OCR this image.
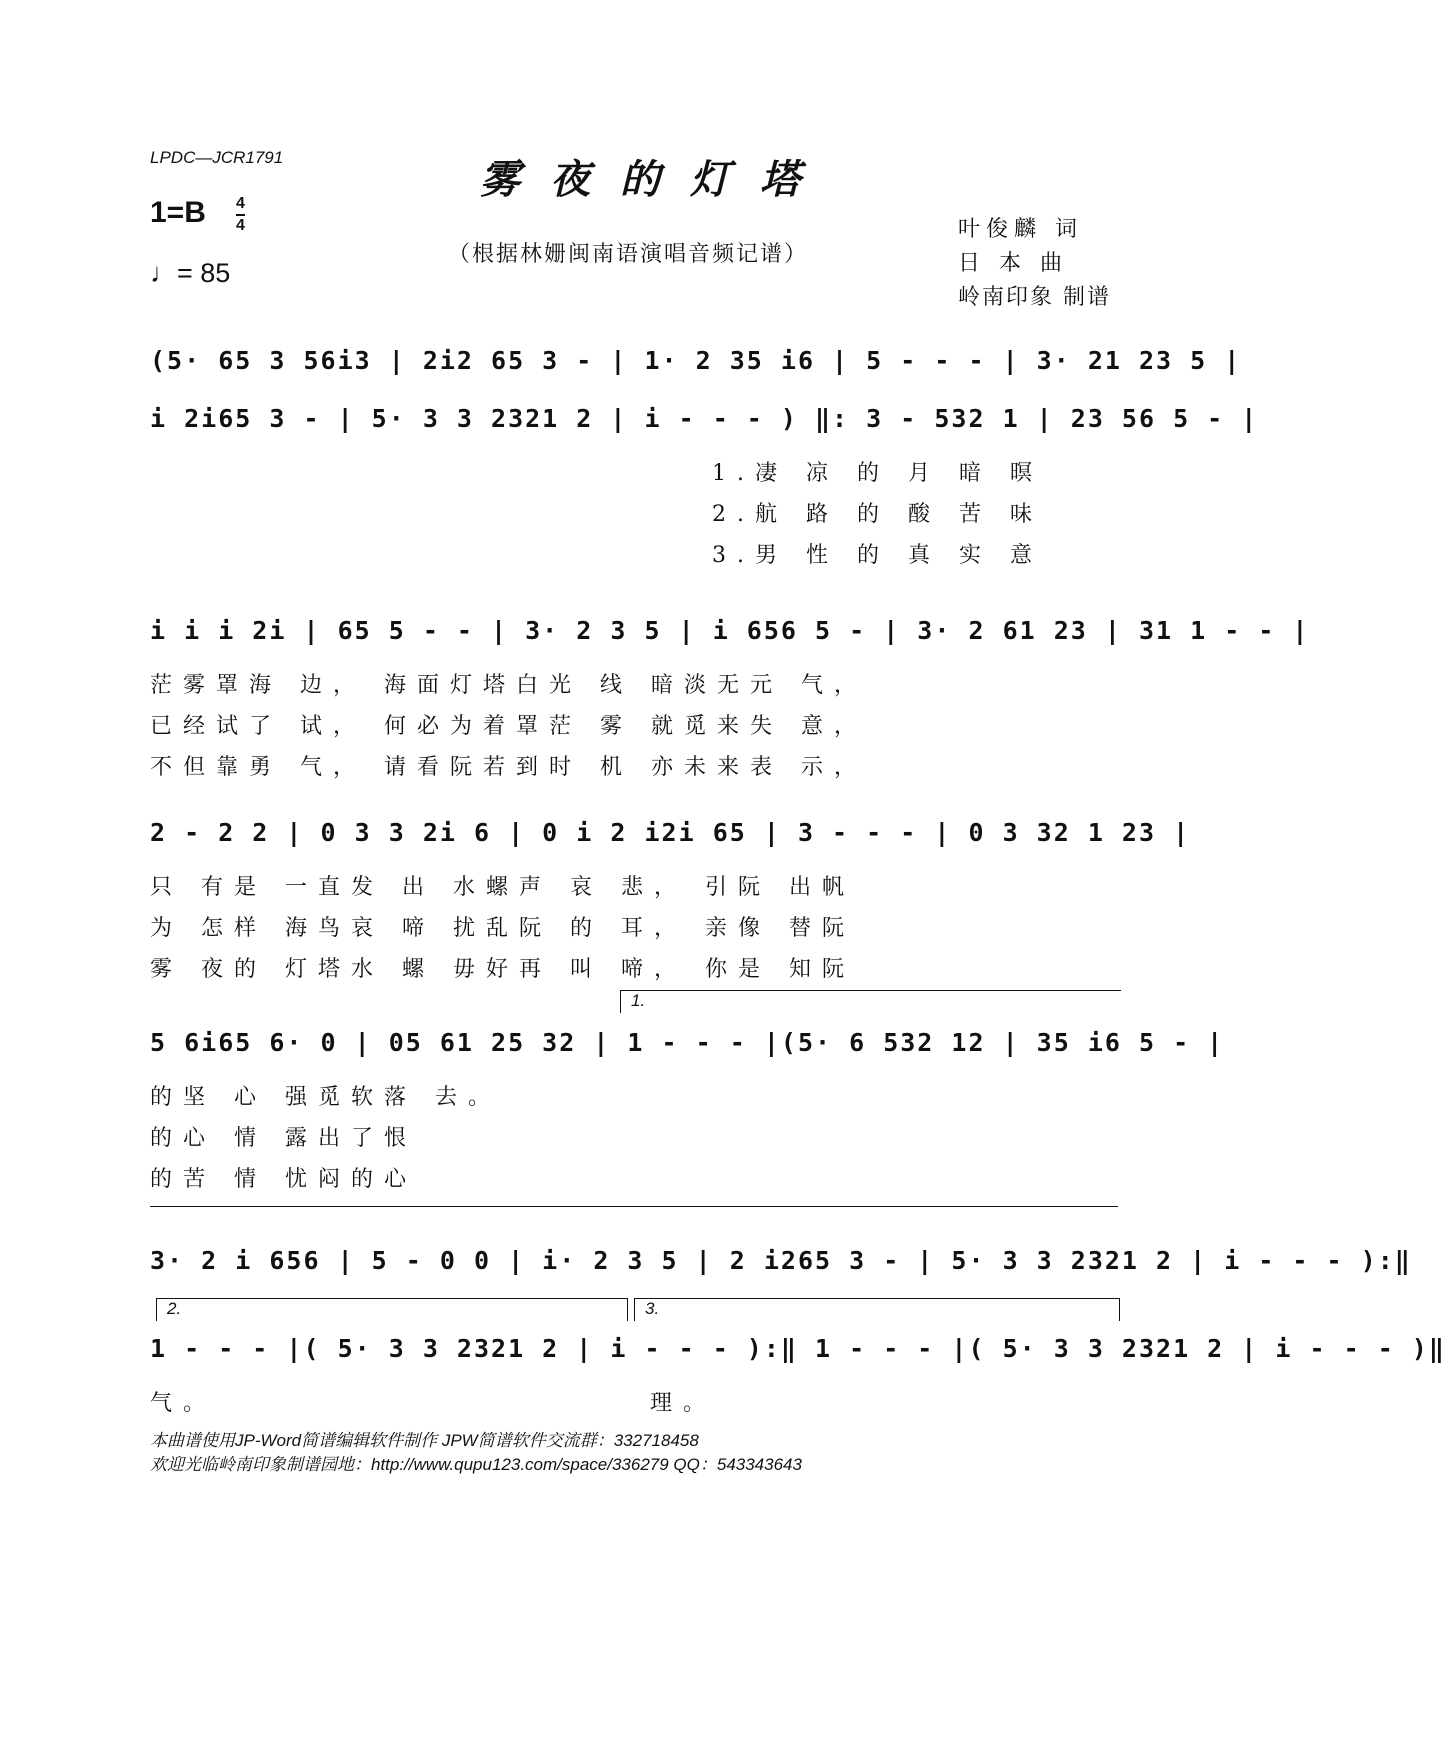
LPDC—JCR1791	雾夜的灯塔
（根据林姗闽南语演唱音频记谱）
1=B 4
4
♩= 85
叶俊麟 词
日 本 曲
岭南印象 制谱
(5· 65 3 56i3 | 2i2 65 3 - | 1· 2 35 i6 | 5 - - - | 3· 21 23 5 |
i 2i65 3 - | 5· 3 3 2321 2 | i - - - ) ‖: 3 - 532 1 | 23 56 5 - |
1.凄 凉 的 月 暗 暝
2.航 路 的 酸 苦 味
3.男 性 的 真 实 意
i i i 2i | 65 5 - - | 3· 2 3 5 | i 656 5 - | 3· 2 61 23 | 31 1 - - |
茫雾罩海 边， 海面灯塔白光 线 暗淡无元 气，
已经试了 试， 何必为着罩茫 雾 就觅来失 意，
不但靠勇 气， 请看阮若到时 机 亦未来表 示，
2 - 2 2 | 0 3 3 2i 6 | 0 i 2 i2i 65 | 3 - - - | 0 3 32 1 23 |
只 有是 一直发 出 水螺声 哀 悲， 引阮 出帆
为 怎样 海鸟哀 啼 扰乱阮 的 耳， 亲像 替阮
雾 夜的 灯塔水 螺 毋好再 叫 啼， 你是 知阮
1.
5 6i65 6· 0 | 05 61 25 32 | 1 - - - |(5· 6 532 12 | 35 i6 5 - |
的坚 心 强觅软落 去。
的心 情 露出了恨
的苦 情 忧闷的心
3· 2 i 656 | 5 - 0 0 | i· 2 3 5 | 2 i265 3 - | 5· 3 3 2321 2 | i - - - ):‖
2.	3.
1 - - - |( 5· 3 3 2321 2 | i - - - ):‖ 1 - - - |( 5· 3 3 2321 2 | i - - - )‖
气。	理。
本曲谱使用JP-Word简谱编辑软件制作 JPW简谱软件交流群：332718458
欢迎光临岭南印象制谱园地：http://www.qupu123.com/space/336279 QQ：543343643
